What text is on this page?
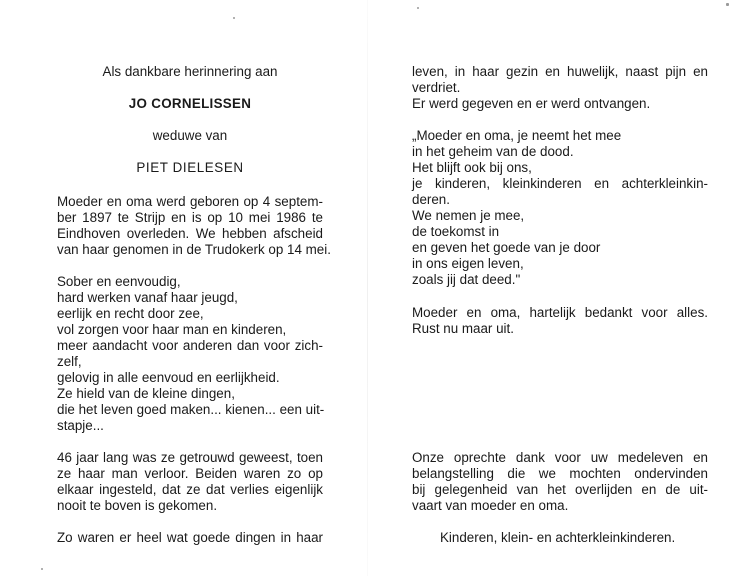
Als dankbare herinnering aan
JO CORNELISSEN
weduwe van
PIET DIELESEN
Moeder en oma werd geboren op 4 septem-
ber 1897 te Strijp en is op 10 mei 1986 te
Eindhoven overleden. We hebben afscheid
van haar genomen in de Trudokerk op 14 mei.
Sober en eenvoudig,
hard werken vanaf haar jeugd,
eerlijk en recht door zee,
vol zorgen voor haar man en kinderen,
meer aandacht voor anderen dan voor zich-
zelf,
gelovig in alle eenvoud en eerlijkheid.
Ze hield van de kleine dingen,
die het leven goed maken... kienen... een uit-
stapje...
46 jaar lang was ze getrouwd geweest, toen
ze haar man verloor. Beiden waren zo op
elkaar ingesteld, dat ze dat verlies eigenlijk
nooit te boven is gekomen.
Zo waren er heel wat goede dingen in haar
leven, in haar gezin en huwelijk, naast pijn en
verdriet.
Er werd gegeven en er werd ontvangen.
„Moeder en oma, je neemt het mee
in het geheim van de dood.
Het blijft ook bij ons,
je kinderen, kleinkinderen en achterkleinkin-
deren.
We nemen je mee,
de toekomst in
en geven het goede van je door
in ons eigen leven,
zoals jij dat deed."
Moeder en oma, hartelijk bedankt voor alles.
Rust nu maar uit.
Onze oprechte dank voor uw medeleven en
belangstelling die we mochten ondervinden
bij gelegenheid van het overlijden en de uit-
vaart van moeder en oma.
Kinderen, klein- en achterkleinkinderen.
